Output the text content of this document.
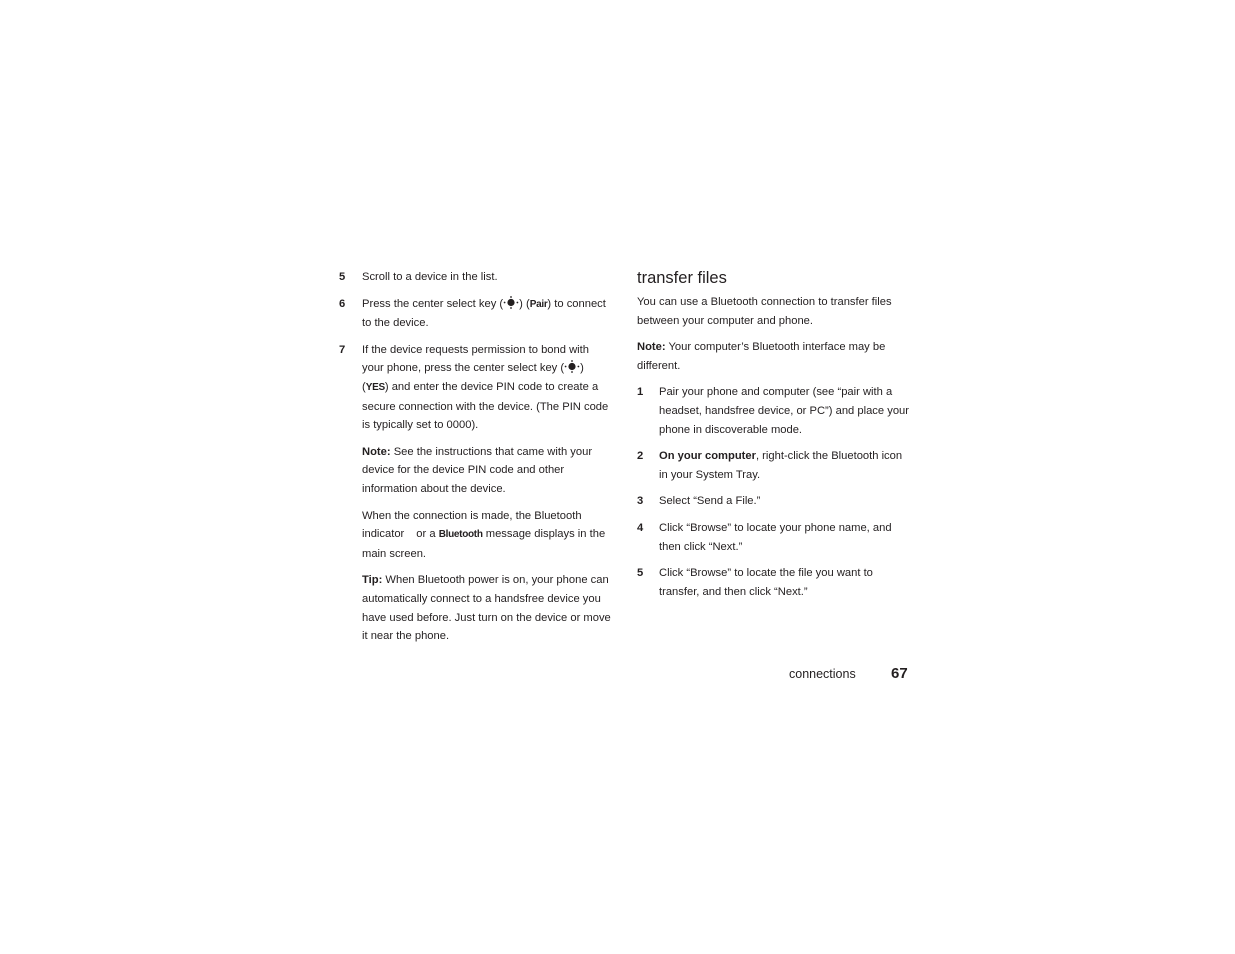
5 Scroll to a device in the list.
6 Press the center select key ( ) (Pair) to connect to the device.
7 If the device requests permission to bond with your phone, press the center select key ( ) (YES) and enter the device PIN code to create a secure connection with the device. (The PIN code is typically set to 0000).

Note: See the instructions that came with your device for the device PIN code and other information about the device.

When the connection is made, the Bluetooth indicator or a Bluetooth message displays in the main screen.

Tip: When Bluetooth power is on, your phone can automatically connect to a handsfree device you have used before. Just turn on the device or move it near the phone.

transfer files

You can use a Bluetooth connection to transfer files between your computer and phone.

Note: Your computer’s Bluetooth interface may be different.

1 Pair your phone and computer (see “pair with a headset, handsfree device, or PC”) and place your phone in discoverable mode.
2 On your computer, right-click the Bluetooth icon in your System Tray.
3 Select “Send a File.”
4 Click “Browse” to locate your phone name, and then click “Next.”
5 Click “Browse” to locate the file you want to transfer, and then click “Next.”
connections 67
